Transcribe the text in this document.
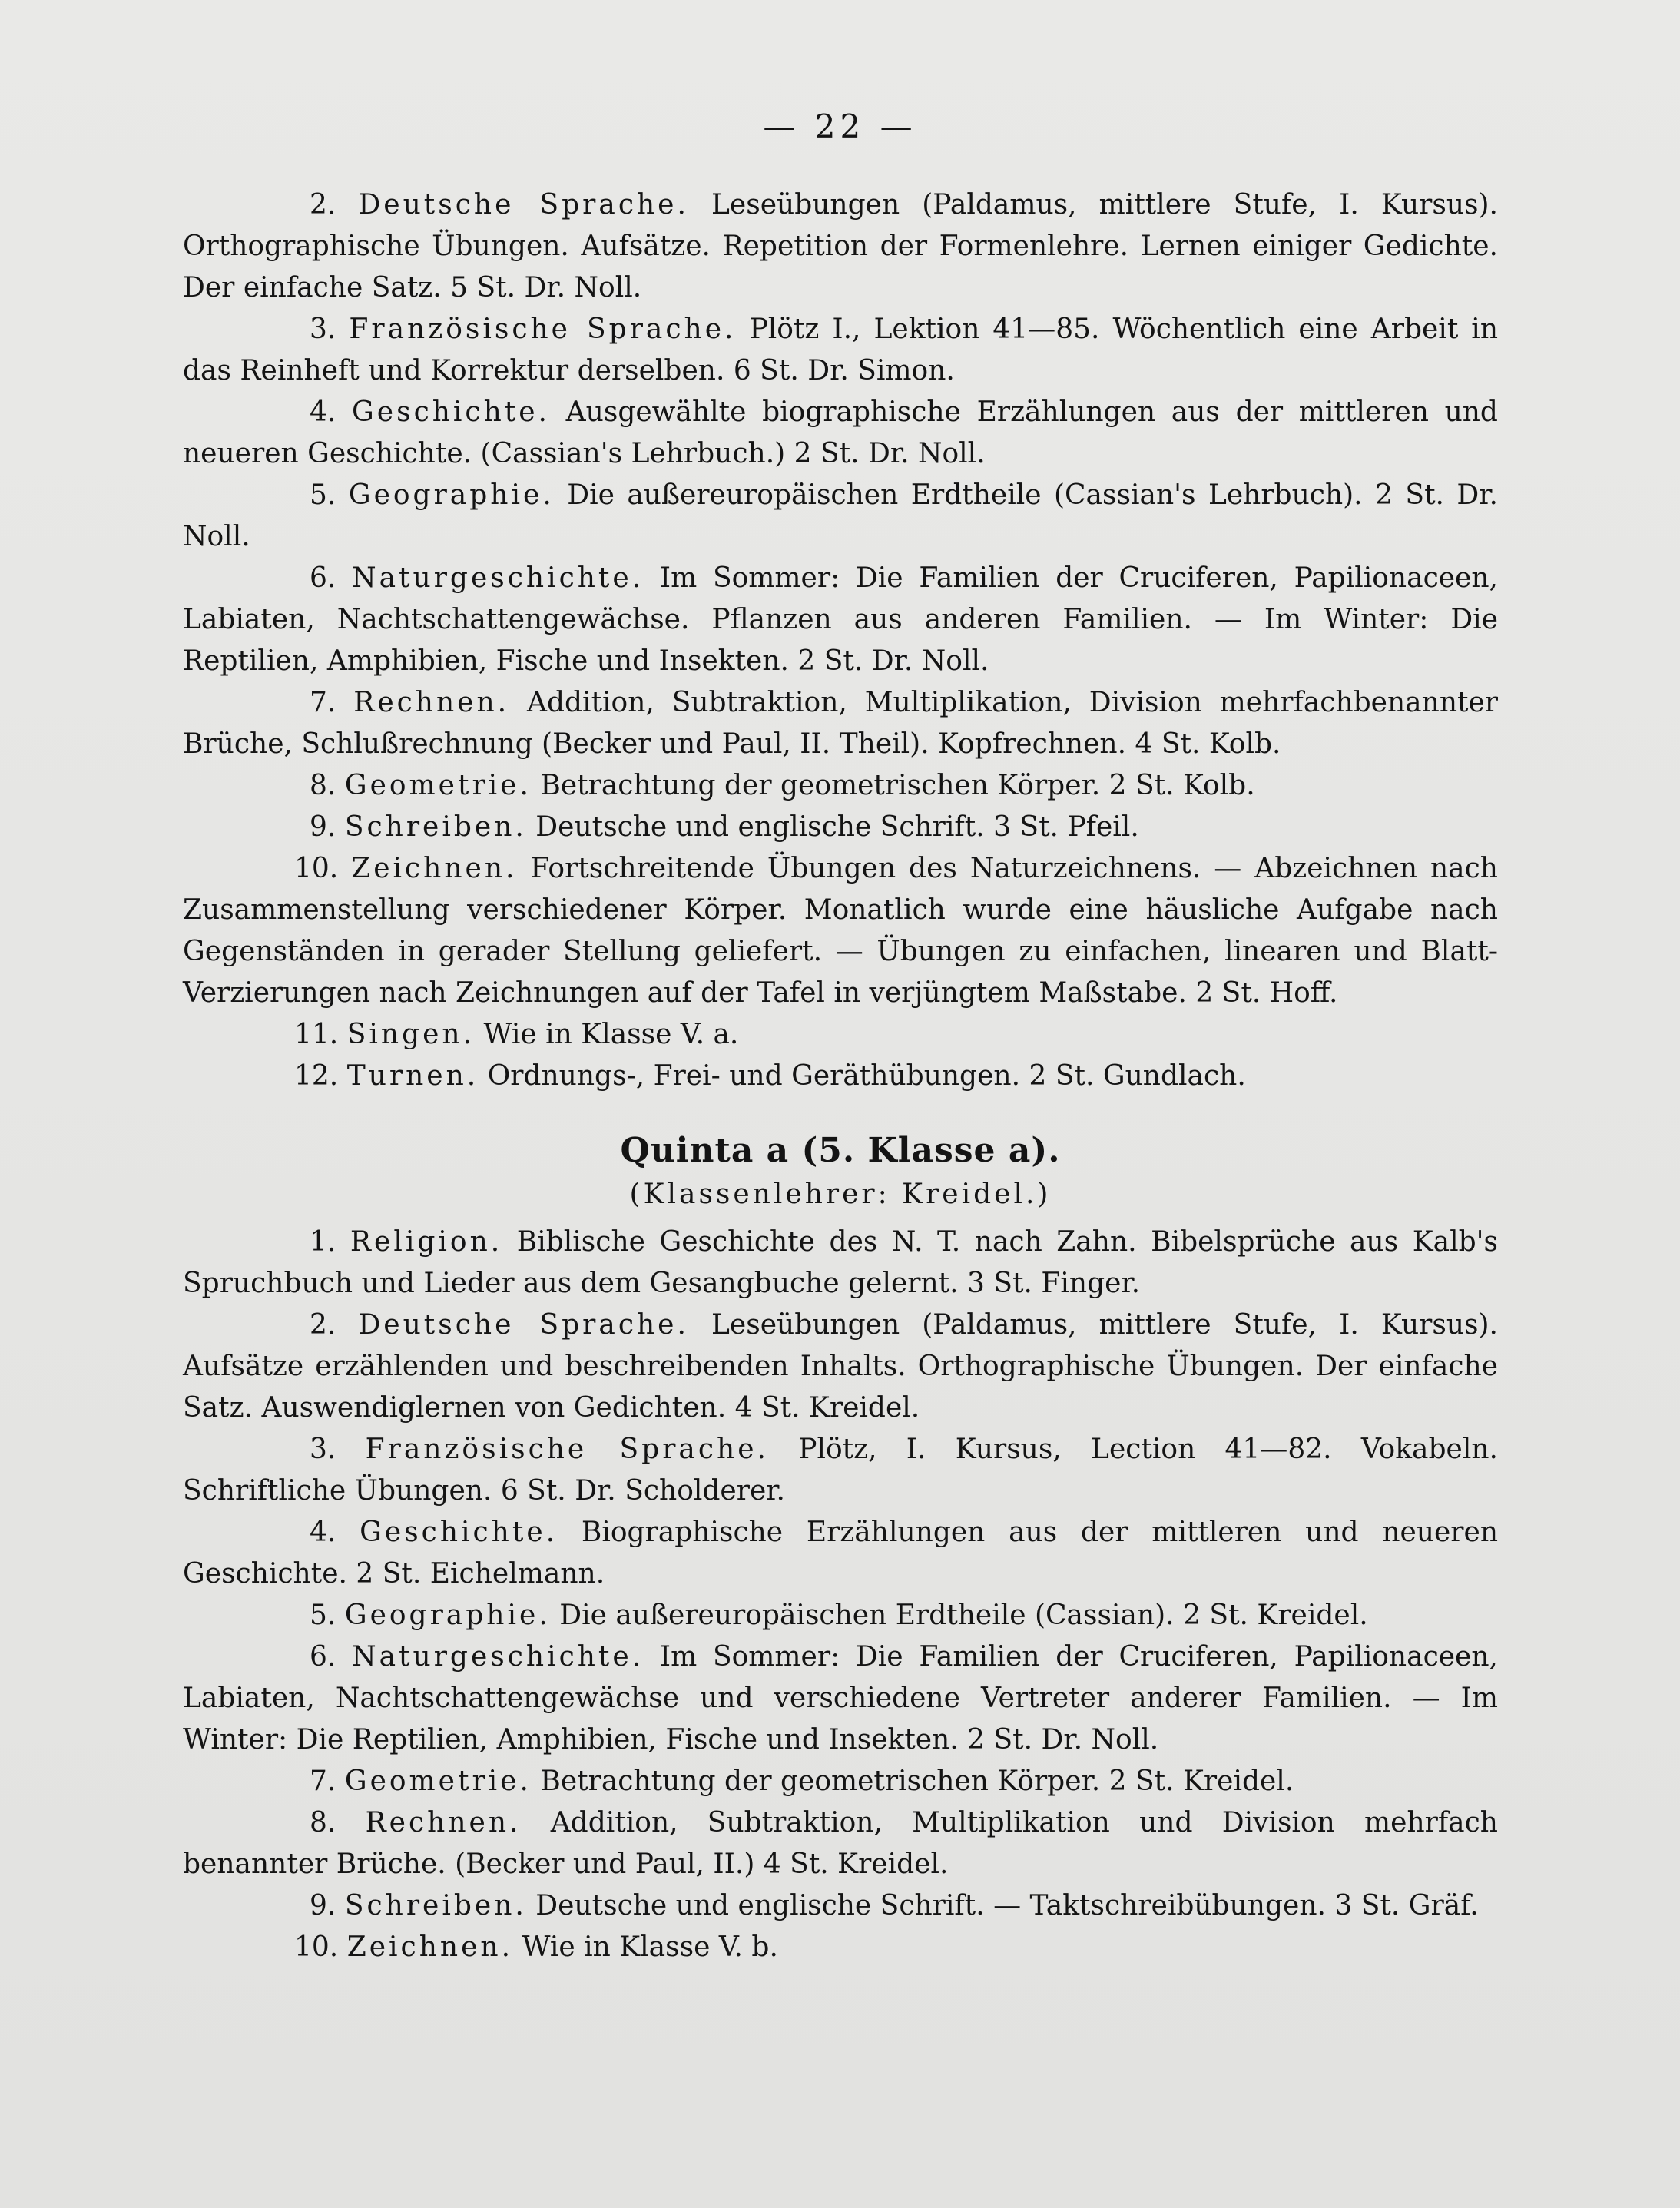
— 22 —
2. Deutsche Sprache. Leseübungen (Paldamus, mittlere Stufe, I. Kursus). Orthographische Übungen. Aufsätze. Repetition der Formenlehre. Lernen einiger Gedichte. Der einfache Satz. 5 St. Dr. Noll.
3. Französische Sprache. Plötz I., Lektion 41—85. Wöchentlich eine Arbeit in das Reinheft und Korrektur derselben. 6 St. Dr. Simon.
4. Geschichte. Ausgewählte biographische Erzählungen aus der mittleren und neueren Geschichte. (Cassian's Lehrbuch.) 2 St. Dr. Noll.
5. Geographie. Die außereuropäischen Erdtheile (Cassian's Lehrbuch). 2 St. Dr. Noll.
6. Naturgeschichte. Im Sommer: Die Familien der Cruciferen, Papilionaceen, Labiaten, Nachtschattengewächse. Pflanzen aus anderen Familien. — Im Winter: Die Reptilien, Amphibien, Fische und Insekten. 2 St. Dr. Noll.
7. Rechnen. Addition, Subtraktion, Multiplikation, Division mehrfachbenannter Brüche, Schlußrechnung (Becker und Paul, II. Theil). Kopfrechnen. 4 St. Kolb.
8. Geometrie. Betrachtung der geometrischen Körper. 2 St. Kolb.
9. Schreiben. Deutsche und englische Schrift. 3 St. Pfeil.
10. Zeichnen. Fortschreitende Übungen des Naturzeichnens. — Abzeichnen nach Zusammenstellung verschiedener Körper. Monatlich wurde eine häusliche Aufgabe nach Gegenständen in gerader Stellung geliefert. — Übungen zu einfachen, linearen und Blatt-Verzierungen nach Zeichnungen auf der Tafel in verjüngtem Maßstabe. 2 St. Hoff.
11. Singen. Wie in Klasse V. a.
12. Turnen. Ordnungs-, Frei- und Geräthübungen. 2 St. Gundlach.
Quinta a (5. Klasse a).
(Klassenlehrer: Kreidel.)
1. Religion. Biblische Geschichte des N. T. nach Zahn. Bibelsprüche aus Kalb's Spruchbuch und Lieder aus dem Gesangbuche gelernt. 3 St. Finger.
2. Deutsche Sprache. Leseübungen (Paldamus, mittlere Stufe, I. Kursus). Aufsätze erzählenden und beschreibenden Inhalts. Orthographische Übungen. Der einfache Satz. Auswendiglernen von Gedichten. 4 St. Kreidel.
3. Französische Sprache. Plötz, I. Kursus, Lection 41—82. Vokabeln. Schriftliche Übungen. 6 St. Dr. Scholderer.
4. Geschichte. Biographische Erzählungen aus der mittleren und neueren Geschichte. 2 St. Eichelmann.
5. Geographie. Die außereuropäischen Erdtheile (Cassian). 2 St. Kreidel.
6. Naturgeschichte. Im Sommer: Die Familien der Cruciferen, Papilionaceen, Labiaten, Nachtschattengewächse und verschiedene Vertreter anderer Familien. — Im Winter: Die Reptilien, Amphibien, Fische und Insekten. 2 St. Dr. Noll.
7. Geometrie. Betrachtung der geometrischen Körper. 2 St. Kreidel.
8. Rechnen. Addition, Subtraktion, Multiplikation und Division mehrfach benannter Brüche. (Becker und Paul, II.) 4 St. Kreidel.
9. Schreiben. Deutsche und englische Schrift. — Taktschreibübungen. 3 St. Gräf.
10. Zeichnen. Wie in Klasse V. b.
